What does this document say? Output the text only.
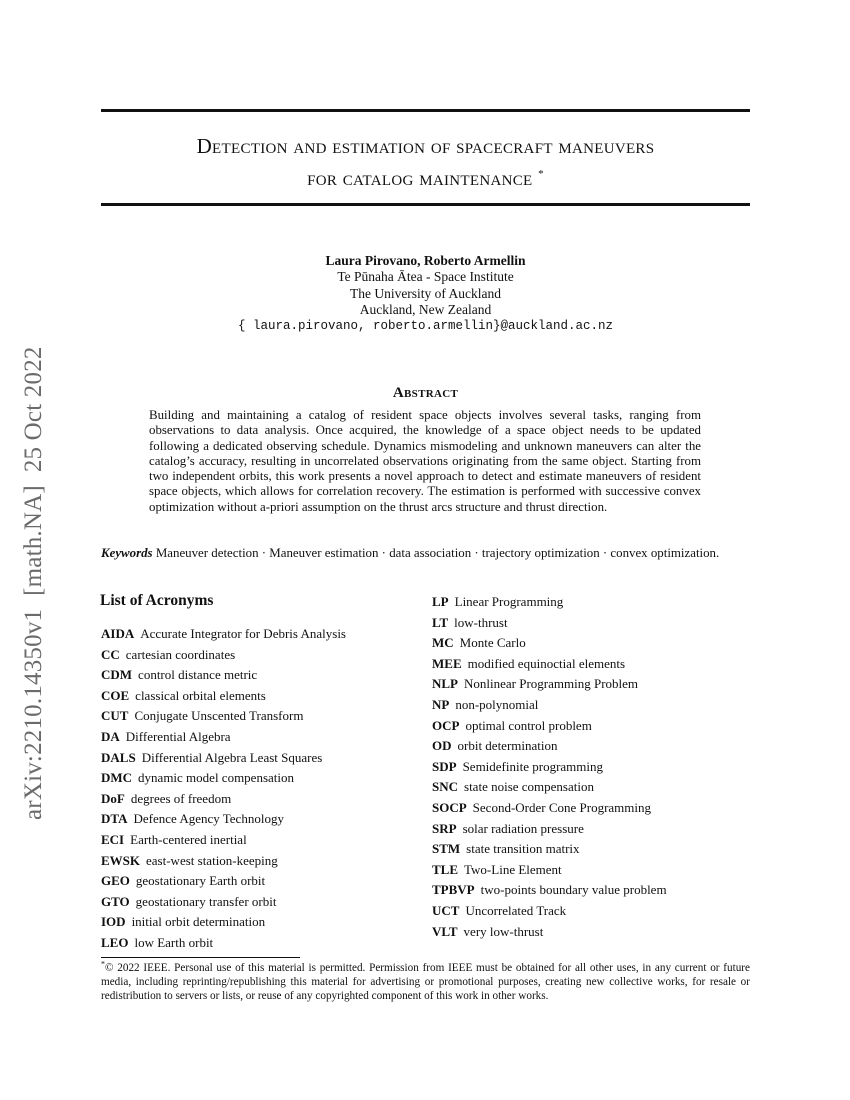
arXiv:2210.14350v1  [math.NA]  25 Oct 2022
Detection and estimation of spacecraft maneuvers
for catalog maintenance *
Laura Pirovano, Roberto Armellin
Te Pūnaha Ātea - Space Institute
The University of Auckland
Auckland, New Zealand
{ laura.pirovano, roberto.armellin}@auckland.ac.nz
Abstract
Building and maintaining a catalog of resident space objects involves several tasks, ranging from observations to data analysis. Once acquired, the knowledge of a space object needs to be updated following a dedicated observing schedule. Dynamics mismodeling and unknown maneuvers can alter the catalog’s accuracy, resulting in uncorrelated observations originating from the same object. Starting from two independent orbits, this work presents a novel approach to detect and estimate maneuvers of resident space objects, which allows for correlation recovery. The estimation is performed with successive convex optimization without a-priori assumption on the thrust arcs structure and thrust direction.
Keywords Maneuver detection · Maneuver estimation · data association · trajectory optimization · convex optimization.
List of Acronyms
AIDA Accurate Integrator for Debris Analysis
CC cartesian coordinates
CDM control distance metric
COE classical orbital elements
CUT Conjugate Unscented Transform
DA Differential Algebra
DALS Differential Algebra Least Squares
DMC dynamic model compensation
DoF degrees of freedom
DTA Defence Agency Technology
ECI Earth-centered inertial
EWSK east-west station-keeping
GEO geostationary Earth orbit
GTO geostationary transfer orbit
IOD initial orbit determination
LEO low Earth orbit
LP Linear Programming
LT low-thrust
MC Monte Carlo
MEE modified equinoctial elements
NLP Nonlinear Programming Problem
NP non-polynomial
OCP optimal control problem
OD orbit determination
SDP Semidefinite programming
SNC state noise compensation
SOCP Second-Order Cone Programming
SRP solar radiation pressure
STM state transition matrix
TLE Two-Line Element
TPBVP two-points boundary value problem
UCT Uncorrelated Track
VLT very low-thrust
*© 2022 IEEE. Personal use of this material is permitted. Permission from IEEE must be obtained for all other uses, in any current or future media, including reprinting/republishing this material for advertising or promotional purposes, creating new collective works, for resale or redistribution to servers or lists, or reuse of any copyrighted component of this work in other works.
